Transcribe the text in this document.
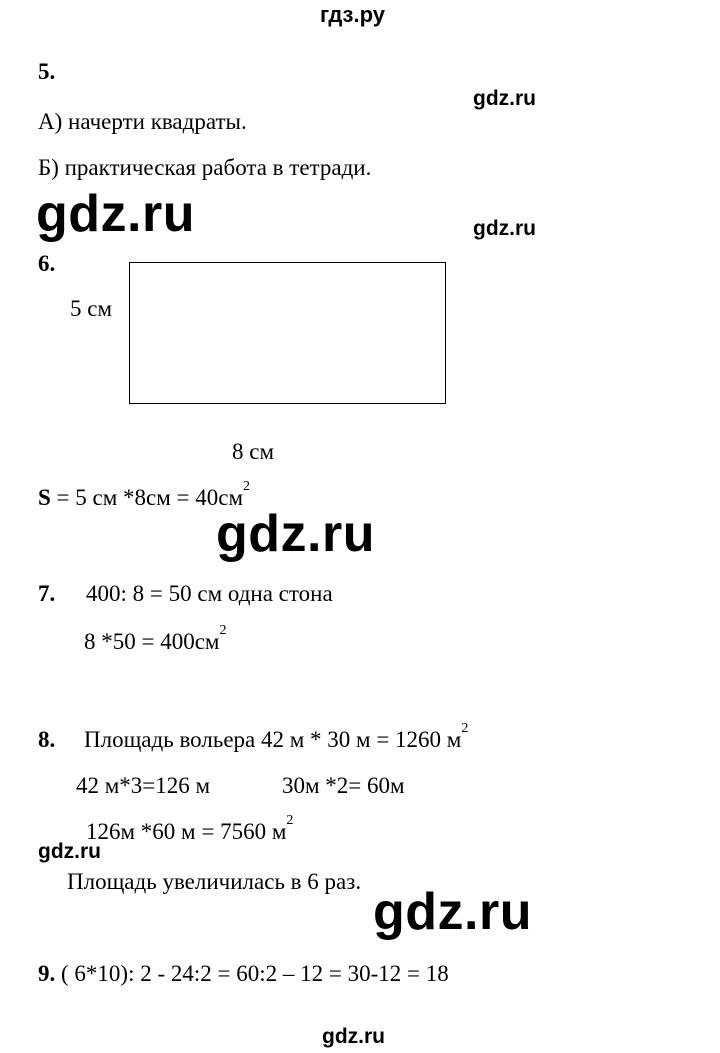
гдз.ру
5.
gdz.ru
А) начерти квадраты.
Б) практическая работа в тетради.
gdz.ru	gdz.ru
6.
5 см
8 см
S = 5 см $*8см = 40см^2$
gdz.ru
7. 400: 8 = 50 см одна стона
8 $*50 = 400см^2$
8. Площадь вольера 42 м * 30 м = 1260 $м^2$
42 м*3=126 м	30м *2= 60м
126м *60 м = 7560 $м^2$
gdz.ru
Площадь увеличилась в 6 раз.
gdz.ru
9. ( 6*10): 2 - 24:2 = 60:2 – 12 = 30-12 = 18
gdz.ru
